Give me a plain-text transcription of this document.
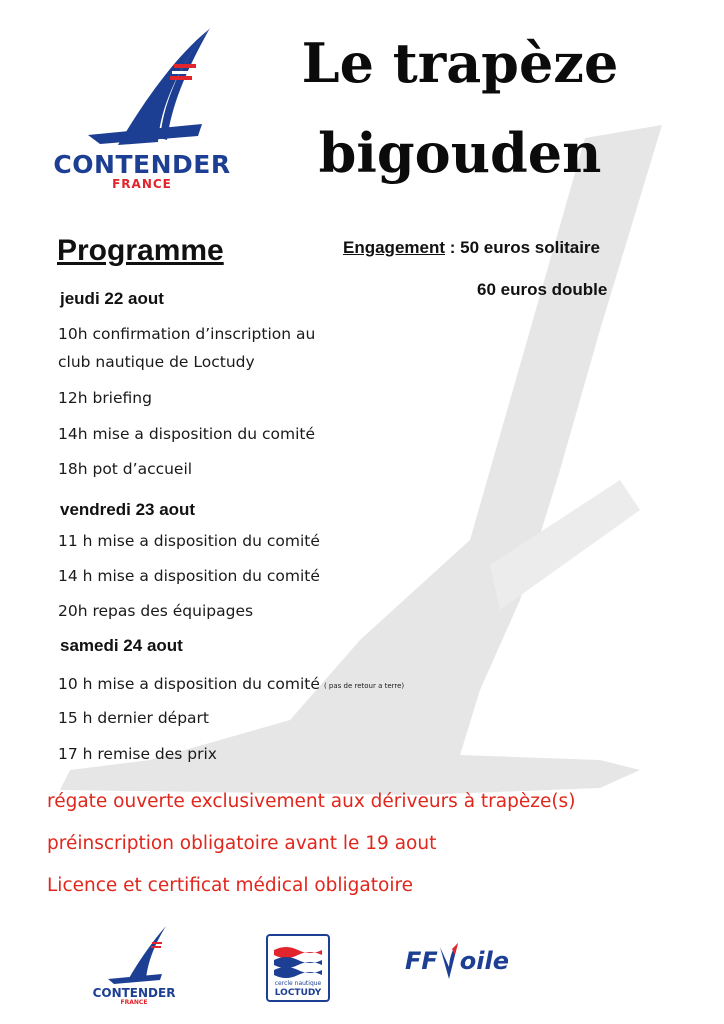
CONTENDER
FRANCE
Le trapèze
bigouden
Programme	Engagement : 50 euros solitaire
60 euros double
jeudi 22 aout
10h confirmation d’inscription au
club nautique de Loctudy
12h briefing
14h mise a disposition du comité
18h pot d’accueil
vendredi 23 aout
11 h mise a disposition du comité
14 h mise a disposition du comité
20h repas des équipages
samedi 24 aout
10 h mise a disposition du comité ( pas de retour a terre)
15 h dernier départ
17 h remise des prix
régate ouverte exclusivement aux dériveurs à trapèze(s)
préinscription obligatoire avant le 19 aout
Licence et certificat médical obligatoire
CONTENDER
FRANCE
cercle nautique
LOCTUDY
FF oile
